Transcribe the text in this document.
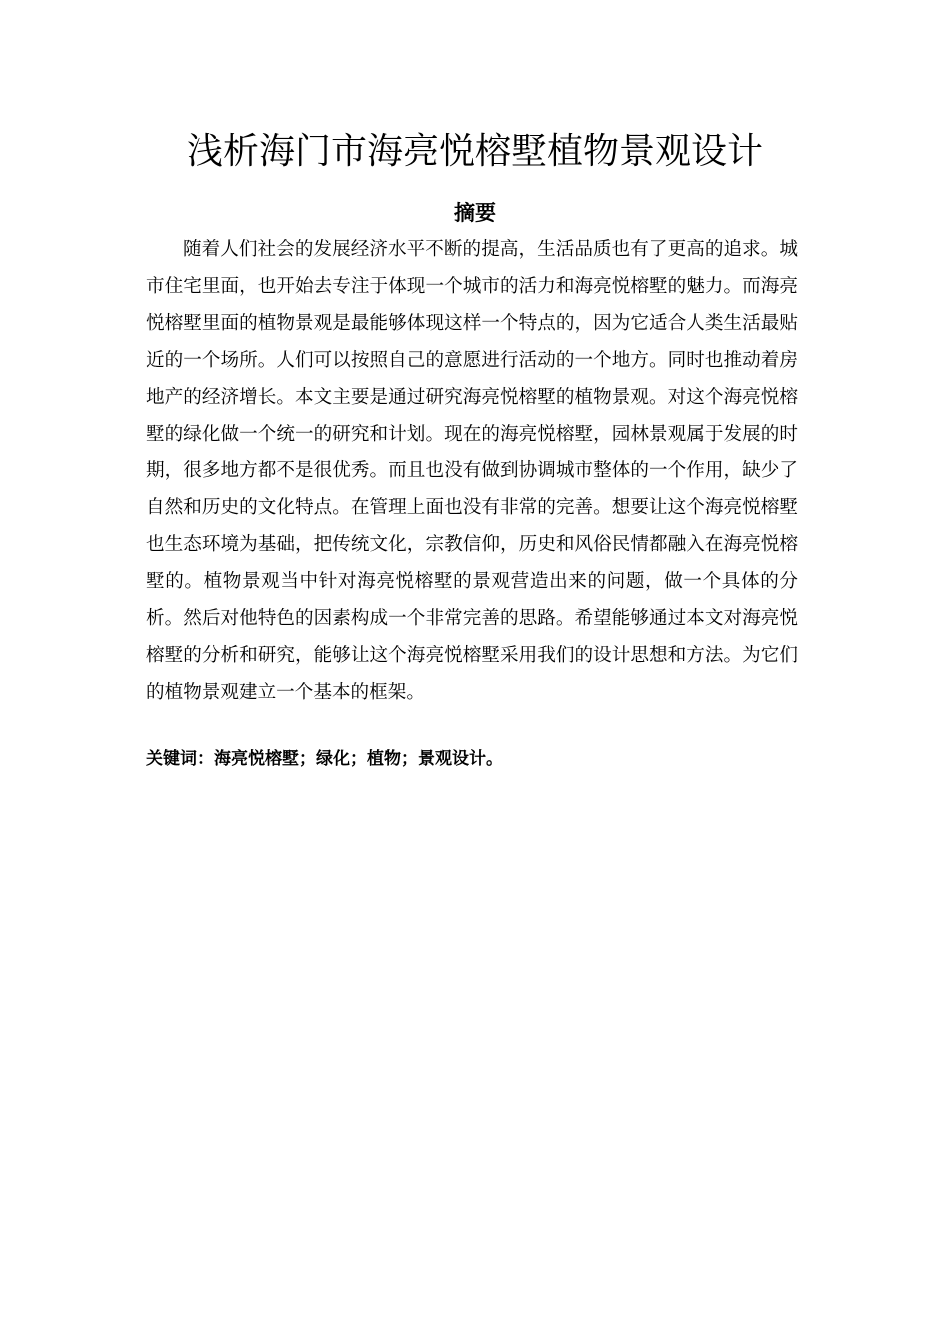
浅析海门市海亮悦榕墅植物景观设计
摘要

随着人们社会的发展经济水平不断的提高，生活品质也有了更高的追求。城市住宅里面，也开始去专注于体现一个城市的活力和海亮悦榕墅的魅力。而海亮悦榕墅里面的植物景观是最能够体现这样一个特点的，因为它适合人类生活最贴近的一个场所。人们可以按照自己的意愿进行活动的一个地方。同时也推动着房地产的经济增长。本文主要是通过研究海亮悦榕墅的植物景观。对这个海亮悦榕墅的绿化做一个统一的研究和计划。现在的海亮悦榕墅，园林景观属于发展的时期，很多地方都不是很优秀。而且也没有做到协调城市整体的一个作用，缺少了自然和历史的文化特点。在管理上面也没有非常的完善。想要让这个海亮悦榕墅也生态环境为基础，把传统文化，宗教信仰，历史和风俗民情都融入在海亮悦榕墅的。植物景观当中针对海亮悦榕墅的景观营造出来的问题，做一个具体的分析。然后对他特色的因素构成一个非常完善的思路。希望能够通过本文对海亮悦榕墅的分析和研究，能够让这个海亮悦榕墅采用我们的设计思想和方法。为它们的植物景观建立一个基本的框架。

关键词：海亮悦榕墅；绿化；植物；景观设计。
